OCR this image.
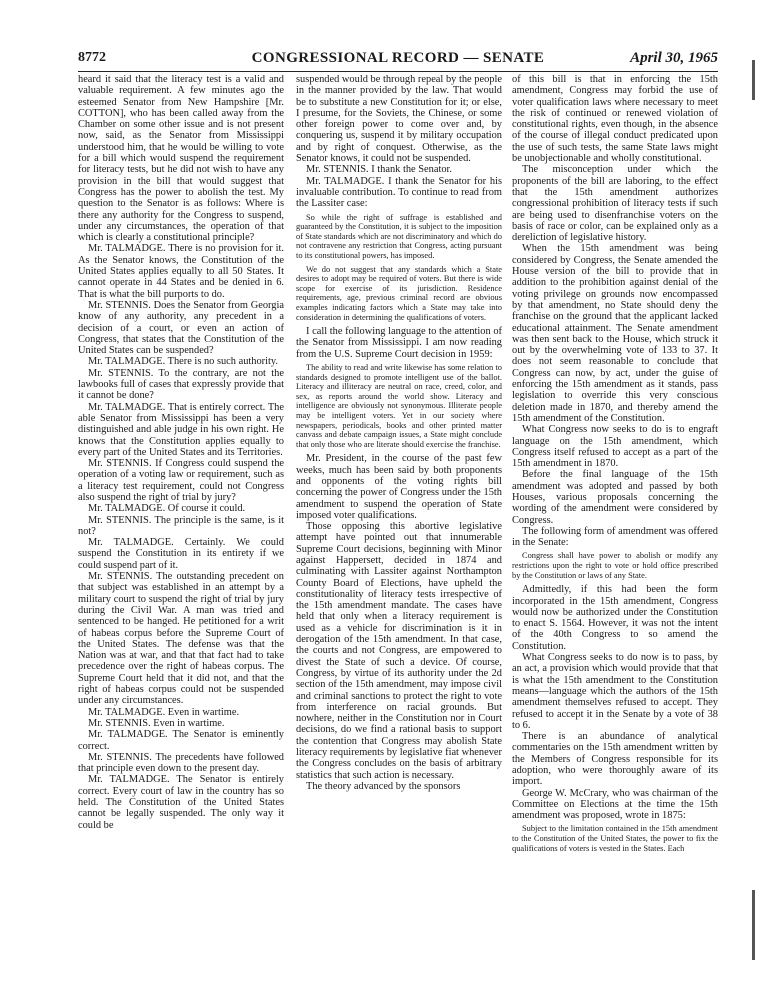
8772	CONGRESSIONAL RECORD — SENATE	April 30, 1965

heard it said that the literacy test is a valid and valuable requirement. A few minutes ago the esteemed Senator from New Hampshire [Mr. COTTON], who has been called away from the Chamber on some other issue and is not present now, said, as the Senator from Mississippi understood him, that he would be willing to vote for a bill which would suspend the requirement for literacy tests, but he did not wish to have any provision in the bill that would suggest that Congress has the power to abolish the test. My question to the Senator is as follows: Where is there any authority for the Congress to suspend, under any circumstances, the operation of that which is clearly a constitutional principle?

Mr. TALMADGE. There is no provision for it. As the Senator knows, the Constitution of the United States applies equally to all 50 States. It cannot operate in 44 States and be denied in 6. That is what the bill purports to do.

Mr. STENNIS. Does the Senator from Georgia know of any authority, any precedent in a decision of a court, or even an action of Congress, that states that the Constitution of the United States can be suspended?

Mr. TALMADGE. There is no such authority.

Mr. STENNIS. To the contrary, are not the lawbooks full of cases that expressly provide that it cannot be done?

Mr. TALMADGE. That is entirely correct. The able Senator from Mississippi has been a very distinguished and able judge in his own right. He knows that the Constitution applies equally to every part of the United States and its Territories.

Mr. STENNIS. If Congress could suspend the operation of a voting law or requirement, such as a literacy test requirement, could not Congress also suspend the right of trial by jury?

Mr. TALMADGE. Of course it could.

Mr. STENNIS. The principle is the same, is it not?

Mr. TALMADGE. Certainly. We could suspend the Constitution in its entirety if we could suspend part of it.

Mr. STENNIS. The outstanding precedent on that subject was established in an attempt by a military court to suspend the right of trial by jury during the Civil War. A man was tried and sentenced to be hanged. He petitioned for a writ of habeas corpus before the Supreme Court of the United States. The defense was that the Nation was at war, and that that fact had to take precedence over the right of habeas corpus. The Supreme Court held that it did not, and that the right of habeas corpus could not be suspended under any circumstances.

Mr. TALMADGE. Even in wartime.

Mr. STENNIS. Even in wartime.

Mr. TALMADGE. The Senator is eminently correct.

Mr. STENNIS. The precedents have followed that principle even down to the present day.

Mr. TALMADGE. The Senator is entirely correct. Every court of law in the country has so held. The Constitution of the United States cannot be legally suspended. The only way it could be

suspended would be through repeal by the people in the manner provided by the law. That would be to substitute a new Constitution for it; or else, I presume, for the Soviets, the Chinese, or some other foreign power to come over and, by conquering us, suspend it by military occupation and by right of conquest. Otherwise, as the Senator knows, it could not be suspended.

Mr. STENNIS. I thank the Senator.

Mr. TALMADGE. I thank the Senator for his invaluable contribution. To continue to read from the Lassiter case:

So while the right of suffrage is established and guaranteed by the Constitution, it is subject to the imposition of State standards which are not discriminatory and which do not contravene any restriction that Congress, acting pursuant to its constitutional powers, has imposed.

We do not suggest that any standards which a State desires to adopt may be required of voters. But there is wide scope for exercise of its jurisdiction. Residence requirements, age, previous criminal record are obvious examples indicating factors which a State may take into consideration in determining the qualifications of voters.

I call the following language to the attention of the Senator from Mississippi. I am now reading from the U.S. Supreme Court decision in 1959:

The ability to read and write likewise has some relation to standards designed to promote intelligent use of the ballot. Literacy and illiteracy are neutral on race, creed, color, and sex, as reports around the world show. Literacy and intelligence are obviously not synonymous. Illiterate people may be intelligent voters. Yet in our society where newspapers, periodicals, books and other printed matter canvass and debate campaign issues, a State might conclude that only those who are literate should exercise the franchise.

Mr. President, in the course of the past few weeks, much has been said by both proponents and opponents of the voting rights bill concerning the power of Congress under the 15th amendment to suspend the operation of State imposed voter qualifications.

Those opposing this abortive legislative attempt have pointed out that innumerable Supreme Court decisions, beginning with Minor against Happersett, decided in 1874 and culminating with Lassiter against Northampton County Board of Elections, have upheld the constitutionality of literacy tests irrespective of the 15th amendment mandate. The cases have held that only when a literacy requirement is used as a vehicle for discrimination is it in derogation of the 15th amendment. In that case, the courts and not Congress, are empowered to divest the State of such a device. Of course, Congress, by virtue of its authority under the 2d section of the 15th amendment, may impose civil and criminal sanctions to protect the right to vote from interference on racial grounds. But nowhere, neither in the Constitution nor in Court decisions, do we find a rational basis to support the contention that Congress may abolish State literacy requirements by legislative fiat whenever the Congress concludes on the basis of arbitrary statistics that such action is necessary.

The theory advanced by the sponsors

of this bill is that in enforcing the 15th amendment, Congress may forbid the use of voter qualification laws where necessary to meet the risk of continued or renewed violation of constitutional rights, even though, in the absence of the course of illegal conduct predicated upon the use of such tests, the same State laws might be unobjectionable and wholly constitutional.

The misconception under which the proponents of the bill are laboring, to the effect that the 15th amendment authorizes congressional prohibition of literacy tests if such are being used to disenfranchise voters on the basis of race or color, can be explained only as a dereliction of legislative history.

When the 15th amendment was being considered by Congress, the Senate amended the House version of the bill to provide that in addition to the prohibition against denial of the voting privilege on grounds now encompassed by that amendment, no State should deny the franchise on the ground that the applicant lacked educational attainment. The Senate amendment was then sent back to the House, which struck it out by the overwhelming vote of 133 to 37. It does not seem reasonable to conclude that Congress can now, by act, under the guise of enforcing the 15th amendment as it stands, pass legislation to override this very conscious deletion made in 1870, and thereby amend the 15th amendment of the Constitution.

What Congress now seeks to do is to engraft language on the 15th amendment, which Congress itself refused to accept as a part of the 15th amendment in 1870.

Before the final language of the 15th amendment was adopted and passed by both Houses, various proposals concerning the wording of the amendment were considered by Congress.

The following form of amendment was offered in the Senate:

Congress shall have power to abolish or modify any restrictions upon the right to vote or hold office prescribed by the Constitution or laws of any State.

Admittedly, if this had been the form incorporated in the 15th amendment, Congress would now be authorized under the Constitution to enact S. 1564. However, it was not the intent of the 40th Congress to so amend the Constitution.

What Congress seeks to do now is to pass, by an act, a provision which would provide that that is what the 15th amendment to the Constitution means—language which the authors of the 15th amendment themselves refused to accept. They refused to accept it in the Senate by a vote of 38 to 6.

There is an abundance of analytical commentaries on the 15th amendment written by the Members of Congress responsible for its adoption, who were thoroughly aware of its import.

George W. McCrary, who was chairman of the Committee on Elections at the time the 15th amendment was proposed, wrote in 1875:

Subject to the limitation contained in the 15th amendment to the Constitution of the United States, the power to fix the qualifications of voters is vested in the States. Each
